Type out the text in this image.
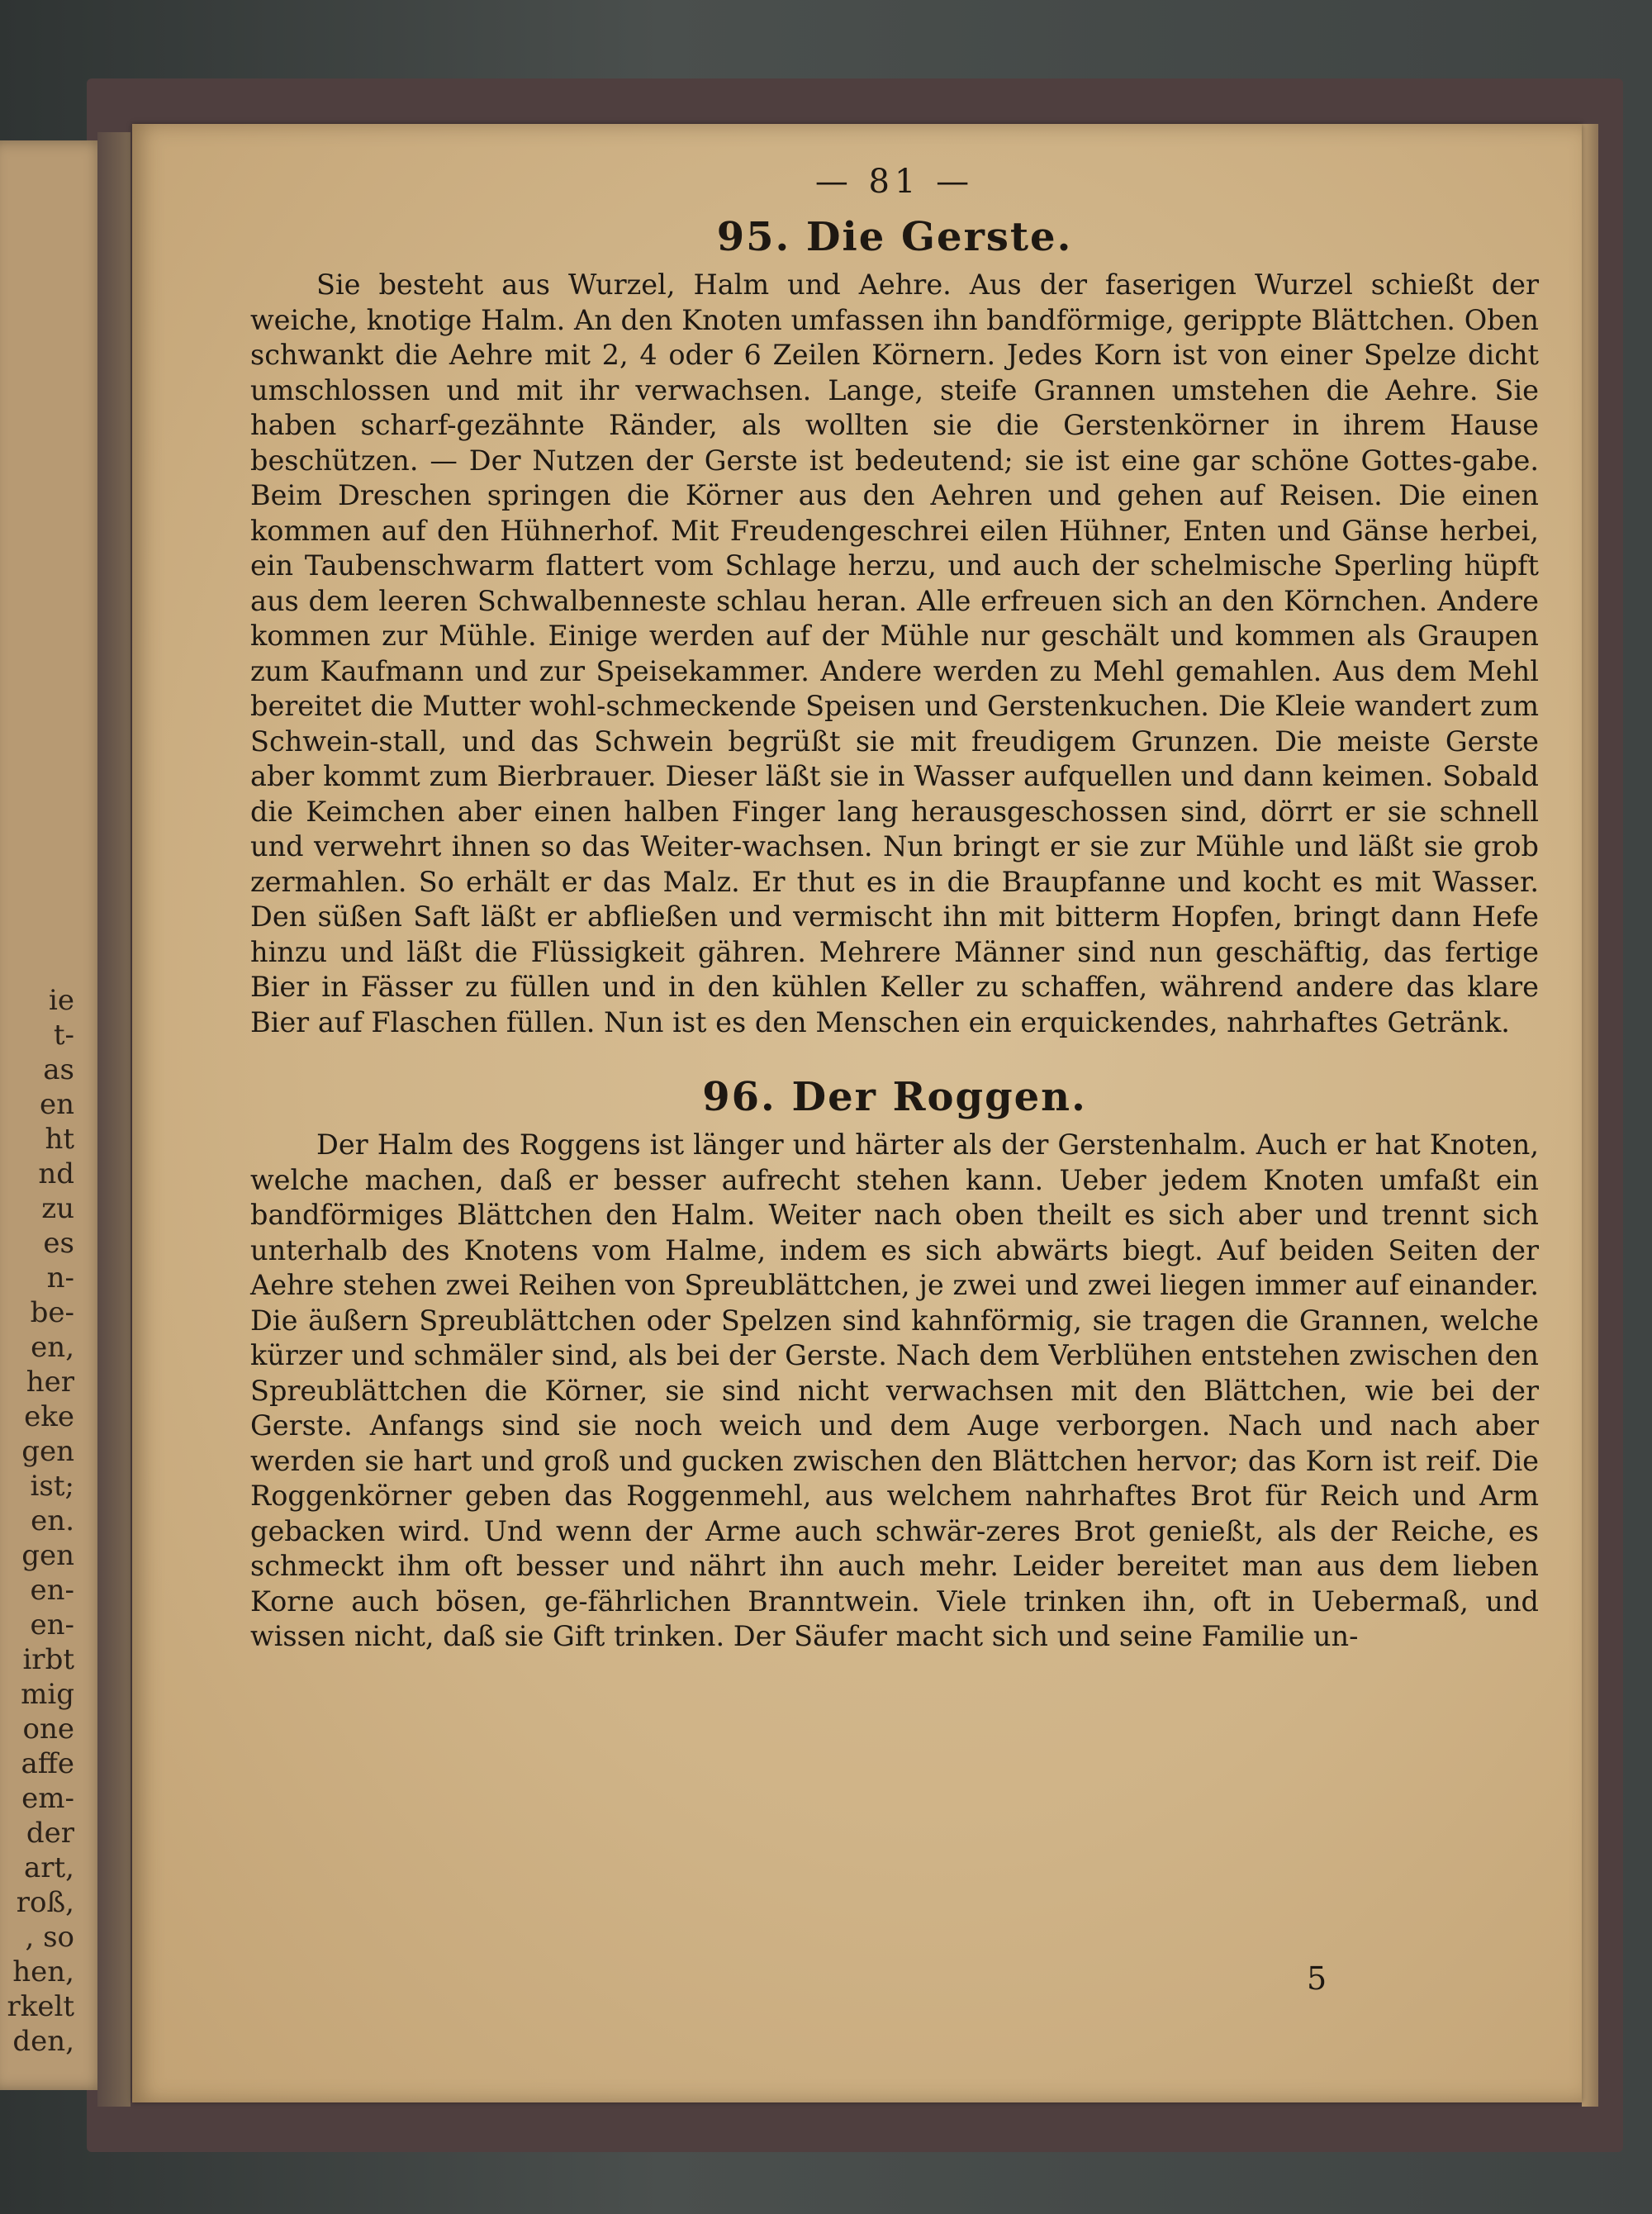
ie
t-
as
en
ht
nd
zu
es
n-
be-
en,
her
eke
gen
ist;
en.
gen
en-
en-
irbt
mig
one
affe
em-
der
art,
roß,
, so
hen,
rkelt
den,
— 81 —
95. Die Gerste.

Sie besteht aus Wurzel, Halm und Aehre. Aus der faserigen Wurzel schießt der weiche, knotige Halm. An den Knoten umfassen ihn bandförmige, gerippte Blättchen. Oben schwankt die Aehre mit 2, 4 oder 6 Zeilen Körnern. Jedes Korn ist von einer Spelze dicht umschlossen und mit ihr verwachsen. Lange, steife Grannen umstehen die Aehre. Sie haben scharf-gezähnte Ränder, als wollten sie die Gerstenkörner in ihrem Hause beschützen. — Der Nutzen der Gerste ist bedeutend; sie ist eine gar schöne Gottes-gabe. Beim Dreschen springen die Körner aus den Aehren und gehen auf Reisen. Die einen kommen auf den Hühnerhof. Mit Freudengeschrei eilen Hühner, Enten und Gänse herbei, ein Taubenschwarm flattert vom Schlage herzu, und auch der schelmische Sperling hüpft aus dem leeren Schwalbenneste schlau heran. Alle erfreuen sich an den Körnchen. Andere kommen zur Mühle. Einige werden auf der Mühle nur geschält und kommen als Graupen zum Kaufmann und zur Speisekammer. Andere werden zu Mehl gemahlen. Aus dem Mehl bereitet die Mutter wohl-schmeckende Speisen und Gerstenkuchen. Die Kleie wandert zum Schwein-stall, und das Schwein begrüßt sie mit freudigem Grunzen. Die meiste Gerste aber kommt zum Bierbrauer. Dieser läßt sie in Wasser aufquellen und dann keimen. Sobald die Keimchen aber einen halben Finger lang herausgeschossen sind, dörrt er sie schnell und verwehrt ihnen so das Weiter-wachsen. Nun bringt er sie zur Mühle und läßt sie grob zermahlen. So erhält er das Malz. Er thut es in die Braupfanne und kocht es mit Wasser. Den süßen Saft läßt er abfließen und vermischt ihn mit bitterm Hopfen, bringt dann Hefe hinzu und läßt die Flüssigkeit gähren. Mehrere Männer sind nun geschäftig, das fertige Bier in Fässer zu füllen und in den kühlen Keller zu schaffen, während andere das klare Bier auf Flaschen füllen. Nun ist es den Menschen ein erquickendes, nahrhaftes Getränk.

96. Der Roggen.

Der Halm des Roggens ist länger und härter als der Gerstenhalm. Auch er hat Knoten, welche machen, daß er besser aufrecht stehen kann. Ueber jedem Knoten umfaßt ein bandförmiges Blättchen den Halm. Weiter nach oben theilt es sich aber und trennt sich unterhalb des Knotens vom Halme, indem es sich abwärts biegt. Auf beiden Seiten der Aehre stehen zwei Reihen von Spreublättchen, je zwei und zwei liegen immer auf einander. Die äußern Spreublättchen oder Spelzen sind kahnförmig, sie tragen die Grannen, welche kürzer und schmäler sind, als bei der Gerste. Nach dem Verblühen entstehen zwischen den Spreublättchen die Körner, sie sind nicht verwachsen mit den Blättchen, wie bei der Gerste. Anfangs sind sie noch weich und dem Auge verborgen. Nach und nach aber werden sie hart und groß und gucken zwischen den Blättchen hervor; das Korn ist reif. Die Roggenkörner geben das Roggenmehl, aus welchem nahrhaftes Brot für Reich und Arm gebacken wird. Und wenn der Arme auch schwär-zeres Brot genießt, als der Reiche, es schmeckt ihm oft besser und nährt ihn auch mehr. Leider bereitet man aus dem lieben Korne auch bösen, ge-fährlichen Branntwein. Viele trinken ihn, oft in Uebermaß, und wissen nicht, daß sie Gift trinken. Der Säufer macht sich und seine Familie un-

5
